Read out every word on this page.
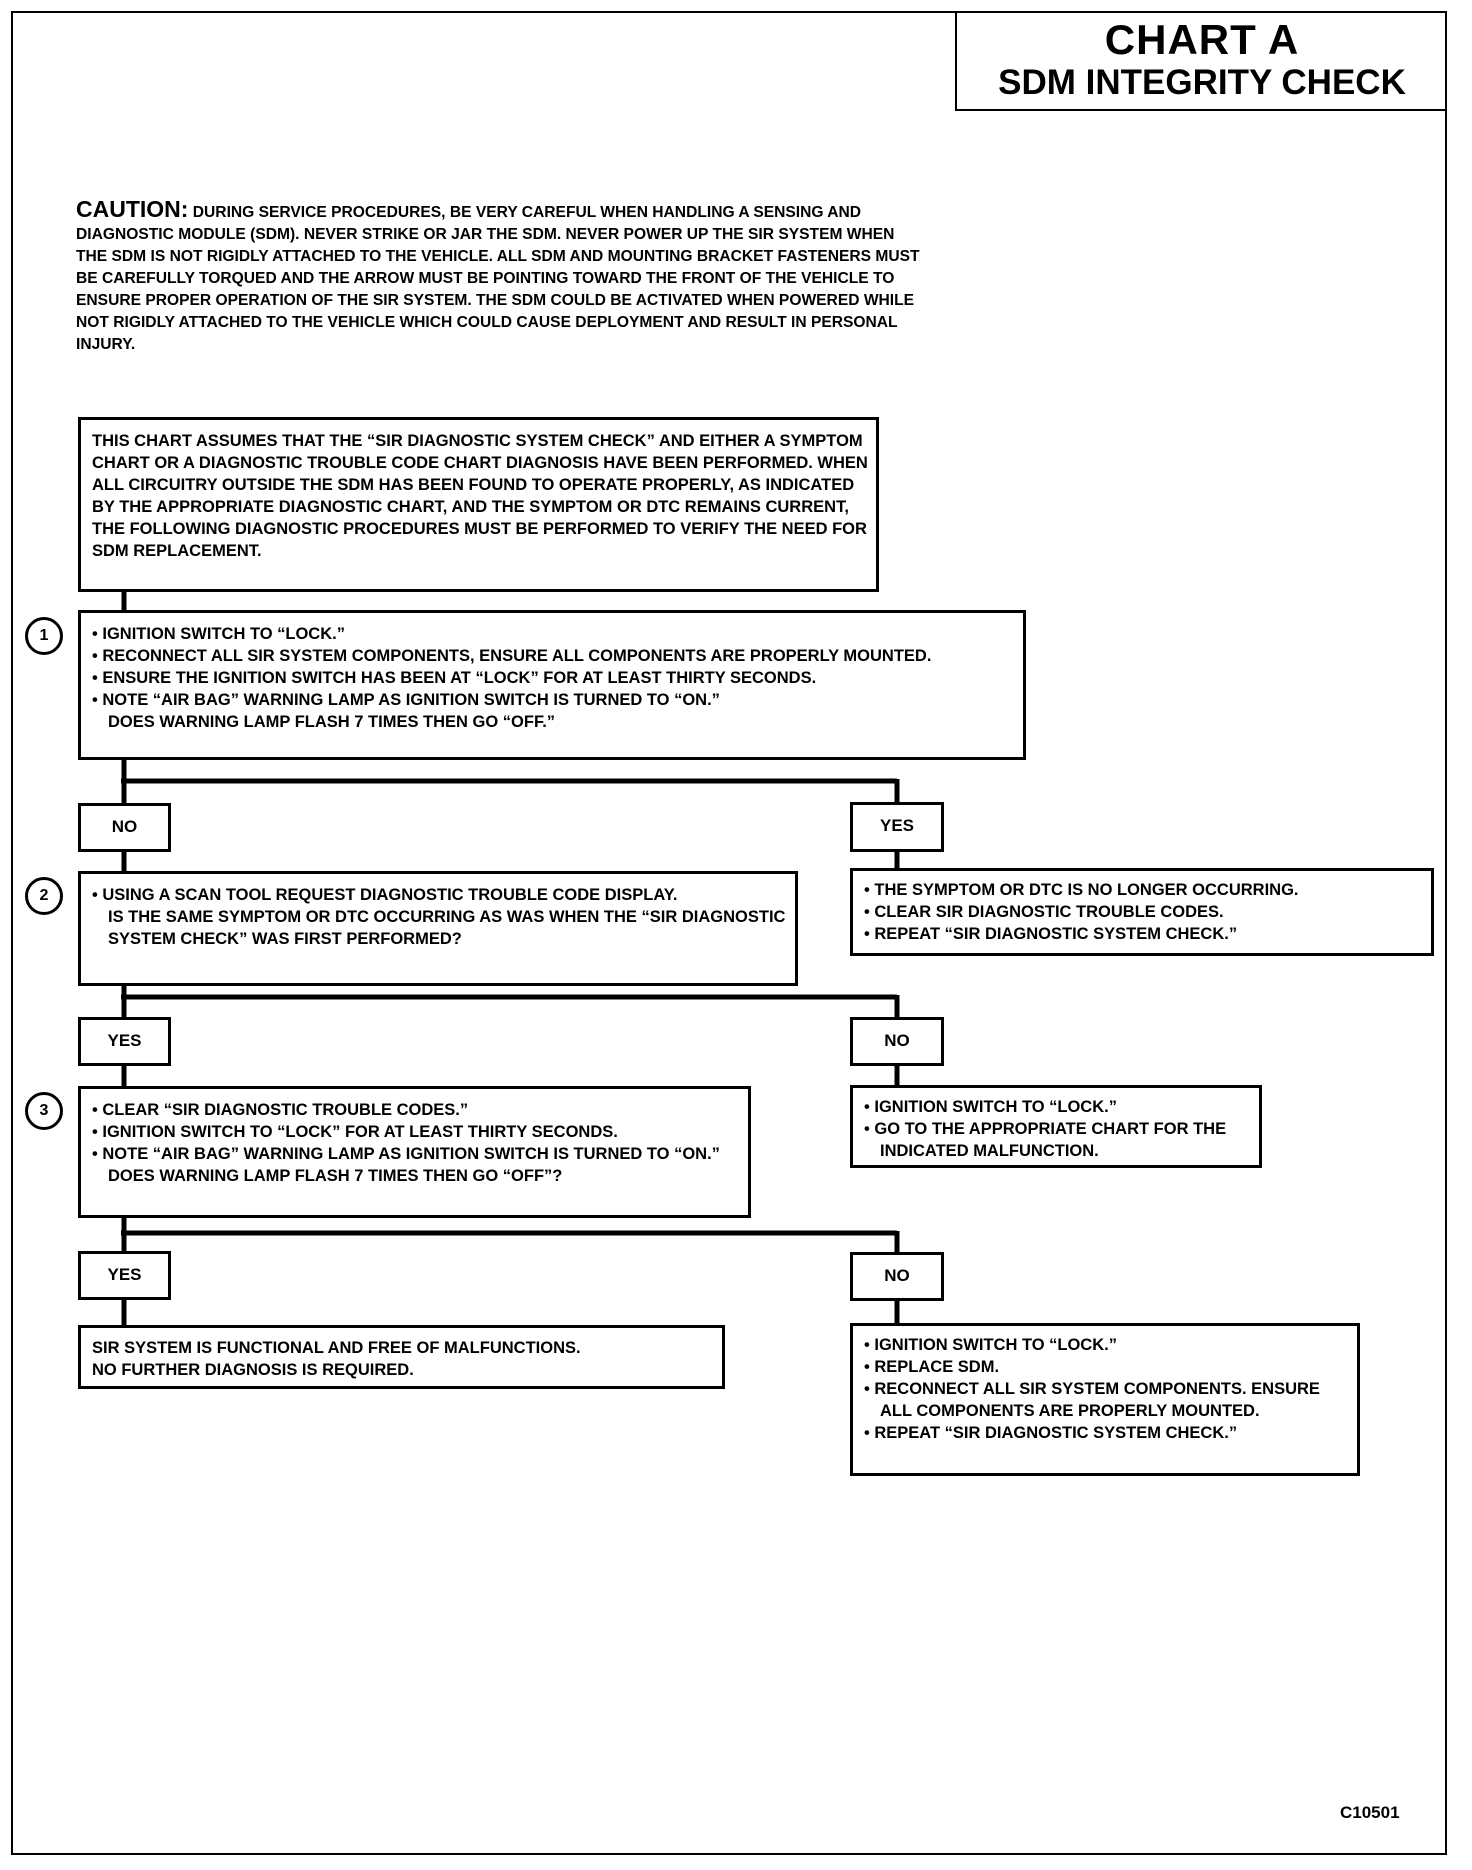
CHART A
SDM INTEGRITY CHECK
CAUTION: DURING SERVICE PROCEDURES, BE VERY CAREFUL WHEN HANDLING A SENSING AND DIAGNOSTIC MODULE (SDM). NEVER STRIKE OR JAR THE SDM. NEVER POWER UP THE SIR SYSTEM WHEN THE SDM IS NOT RIGIDLY ATTACHED TO THE VEHICLE. ALL SDM AND MOUNTING BRACKET FASTENERS MUST BE CAREFULLY TORQUED AND THE ARROW MUST BE POINTING TOWARD THE FRONT OF THE VEHICLE TO ENSURE PROPER OPERATION OF THE SIR SYSTEM. THE SDM COULD BE ACTIVATED WHEN POWERED WHILE NOT RIGIDLY ATTACHED TO THE VEHICLE WHICH COULD CAUSE DEPLOYMENT AND RESULT IN PERSONAL INJURY.
THIS CHART ASSUMES THAT THE “SIR DIAGNOSTIC SYSTEM CHECK” AND EITHER A SYMPTOM CHART OR A DIAGNOSTIC TROUBLE CODE CHART DIAGNOSIS HAVE BEEN PERFORMED. WHEN ALL CIRCUITRY OUTSIDE THE SDM HAS BEEN FOUND TO OPERATE PROPERLY, AS INDICATED BY THE APPROPRIATE DIAGNOSTIC CHART, AND THE SYMPTOM OR DTC REMAINS CURRENT, THE FOLLOWING DIAGNOSTIC PROCEDURES MUST BE PERFORMED TO VERIFY THE NEED FOR SDM REPLACEMENT.
1	• IGNITION SWITCH TO “LOCK.”
• RECONNECT ALL SIR SYSTEM COMPONENTS, ENSURE ALL COMPONENTS ARE PROPERLY MOUNTED.
• ENSURE THE IGNITION SWITCH HAS BEEN AT “LOCK” FOR AT LEAST THIRTY SECONDS.
• NOTE “AIR BAG” WARNING LAMP AS IGNITION SWITCH IS TURNED TO “ON.”

DOES WARNING LAMP FLASH 7 TIMES THEN GO “OFF.”

NO	YES
• THE SYMPTOM OR DTC IS NO LONGER OCCURRING.
• CLEAR SIR DIAGNOSTIC TROUBLE CODES.
• REPEAT “SIR DIAGNOSTIC SYSTEM CHECK.”
2	• USING A SCAN TOOL REQUEST DIAGNOSTIC TROUBLE CODE DISPLAY.

IS THE SAME SYMPTOM OR DTC OCCURRING AS WAS WHEN THE “SIR DIAGNOSTIC SYSTEM CHECK” WAS FIRST PERFORMED?

YES	NO
• IGNITION SWITCH TO “LOCK.”
• GO TO THE APPROPRIATE CHART FOR THE INDICATED MALFUNCTION.
3	• CLEAR “SIR DIAGNOSTIC TROUBLE CODES.”
• IGNITION SWITCH TO “LOCK” FOR AT LEAST THIRTY SECONDS.
• NOTE “AIR BAG” WARNING LAMP AS IGNITION SWITCH IS TURNED TO “ON.”

DOES WARNING LAMP FLASH 7 TIMES THEN GO “OFF”?

YES	NO
SIR SYSTEM IS FUNCTIONAL AND FREE OF MALFUNCTIONS.
NO FURTHER DIAGNOSIS IS REQUIRED.
• IGNITION SWITCH TO “LOCK.”
• REPLACE SDM.
• RECONNECT ALL SIR SYSTEM COMPONENTS. ENSURE ALL COMPONENTS ARE PROPERLY MOUNTED.
• REPEAT “SIR DIAGNOSTIC SYSTEM CHECK.”
C10501
